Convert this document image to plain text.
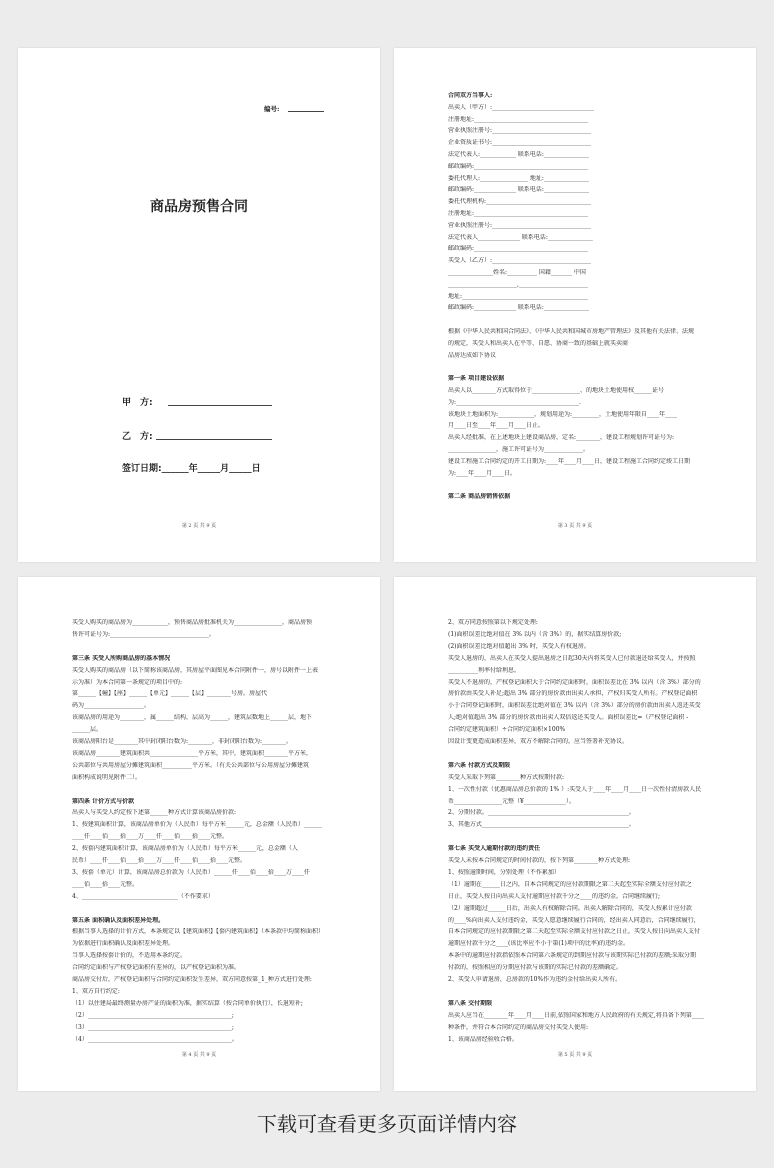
编号:
商品房预售合同
甲　方:
乙　方:
签订日期:______年_____月_____日
第 2 页 共 9 页
合同双方当事人:
出卖人（甲方）:__________________________________
注册地址:______________________________________
营业执照注册号:_________________________________
企业资质证书号:_________________________________
法定代表人:____________ 联系电话:_______________
邮政编码:______________________________________
委托代理人:________________ 地址:_______________
邮政编码:______________ 联系电话:_______________
委托代理机构:___________________________________
注册地址:______________________________________
营业执照注册号:_________________________________
法定代表人______________ 联系电话:_______________
邮政编码:______________________________________
买受人（乙方）:_________________________________
_______________姓名:__________ 国籍_______ 中国
_______________________,_______________________
地址:__________________________________________
邮政编码:______________ 联系电话:_______________
根据《中华人民共和国合同法》、《中华人民共和国城市房地产管理法》及其他有关法律、法规
的规定，买受人和出卖人在平等、自愿、协商一致的基础上就买卖商
品房达成如下协议
第一条 项目建设依据
出卖人以________方式取得位于________________、的地块土地使用权______证号
为:_________________________________________.
该地块土地面积为:____________，规划用途为:_________，土地使用年限自____年____
月____日至____年____月____日止。
出卖人经批准，在上述地块上建设商品房，定名:________，建设工程规划许可证号为:
________________，施工许可证号为_____________。
建设工程施工合同约定的开工日期为:____年____月____日，建设工程施工合同约定竣工日期
为:____年____月____日。
第二条 商品房销售依据
第 3 页 共 9 页
买受人购买的商品房为____________，预售商品房批准机关为________________，商品房预
售许可证号为:_________________________________。
第三条 买受人所购商品房的基本情况
买受人购买的商品房（以下简称该商品房，其房屋平面图见本合同附件一，房号以附件一上表
示为准）为本合同第一条规定的项目中的:
第______【幢】【座】______【单元】______【层】________号房。房屋代
码为____________________。
该商品房的用途为________，属______结构，层高为______，建筑层数地上______层，地下
______层。
该商品房阳台是________其中封闭阳台数为:________，非封闭阳台数为:________。
该商品房________建筑面积共________________平方米，其中，建筑面积________平方米，
公共部位与共用房屋分摊建筑面积__________平方米。（有关公共部位与公用房屋分摊建筑
面积构成说明见附件二）。
第四条 计价方式与价款
出卖人与买受人约定按下述第______种方式计算该商品房价款:
1、按建筑面积计算，该商品房单价为（人民币）每平方米______元，总金额（人民币）______
____仟____佰____拾____万____仟____佰____拾____元整。
2、按套内建筑面积计算，该商品房单价为（人民币）每平方米______元，总金额（人
民币）____仟____佰____拾____万____仟____佰____拾____元整。
3、按套（单元）计算，该商品房总价款为（人民币）______仟____佰____拾____万____仟
____佰____拾____元整。
4、________________________________（不作要求）
第五条 面积确认及面积差异处理。
根据当事人选择的计价方式，本条规定以【建筑面积】【套内建筑面积】（本条款中均简称面积）
为依据进行面积确认及面积差异处理。
当事人选择按套计价的，不适用本条约定。
合同约定面积与产权登记面积有差异的，以产权登记面积为准。
商品房交付后，产权登记面积与合同约定面积发生差异，双方同意按第_1_种方式进行处理:
1、双方自行约定:
（1）以住建局最终测量办房产证的面积为准，据实结算（按合同单价执行），长退短补;
（2）________________________________________________;
（3）________________________________________________;
（4）________________________________________________。
第 4 页 共 9 页
2、双方同意按照第以下规定处理:
(1)面积误差比绝对值在 3% 以内（含 3%）的，据实结算房价款;
(2)面积误差比绝对值超出 3% 时，买受人有权退房。
买受人退房的，出卖人在买受人提出退房之日起30天内将买受人已付款退还给买受人，并按照
__________利率付给利息。
买受人不退房的，产权登记面积大于合同约定面积时，面积误差比在 3% 以内（含 3%）部分的
房价款由买受人补足;超出 3% 部分的房价款由出卖人承担，产权归买受人所有。产权登记面积
小于合同登记面积时，面积误差比绝对值在 3% 以内（含 3%）部分的房价款由出卖人返还买受
人;绝对值超出 3% 部分的房价款由出卖人双倍返还买受人。面积误差比=（产权登记面积 -
合同约定建筑面积）÷合同约定面积×100%
因设计变更造成面积差异，双方不解除合同的，应当签署补充协议。
第六条 付款方式及期限
买受人采取下列第________种方式按期付款:
1、一次性付款（优惠商品房总价款的 1% ）:买受人于____年____月____日一次性付清房款人民
币________________元整（¥______________）。
2、分期付款。_______________________________________________。
3、其他方式_________________________________________________。
第七条 买受人逾期付款的违约责任
买受人未按本合同规定的时间付款的，按下列第________种方式处理:
1、按照逾期时间，分别处理（不作累加）
（1）逾期在______日之内，自本合同规定的应付款期限之第二天起至实际全额支付应付款之
日止，买受人按日向出卖人支付逾期应付款千分之____的违约金，合同继续履行;
（2）逾期超过______日后，出卖人有权解除合同。出卖人解除合同的，买受人按累计应付款
的____%向出卖人支付违约金，买受人愿意继续履行合同的，经出卖人同意后，合同继续履行，
自本合同规定的应付款期限之第二天起至实际全额支付应付款之日止，买受人按日向出卖人支付
逾期应付款千分之____(该比率应不小于第(1)项中的比率)的违约金。
本条中的逾期应付款指依照本合同第六条规定的到期应付款与该期实际已付款的差额;采取分期
付款的，按照相应的分期应付款与该期的实际已付款的差额确定。
2、买受人申请退房，总房款的10%作为违约金付给出卖人所有。
第八条 交付期限
出卖人应当在________年____月____日前,依照国家和地方人民政府的有关规定,将具备下列第____
种条件，并符合本合同约定的商品房交付买受人使用:
1、该商品房经验收合格。
第 5 页 共 9 页
下载可查看更多页面详情内容
